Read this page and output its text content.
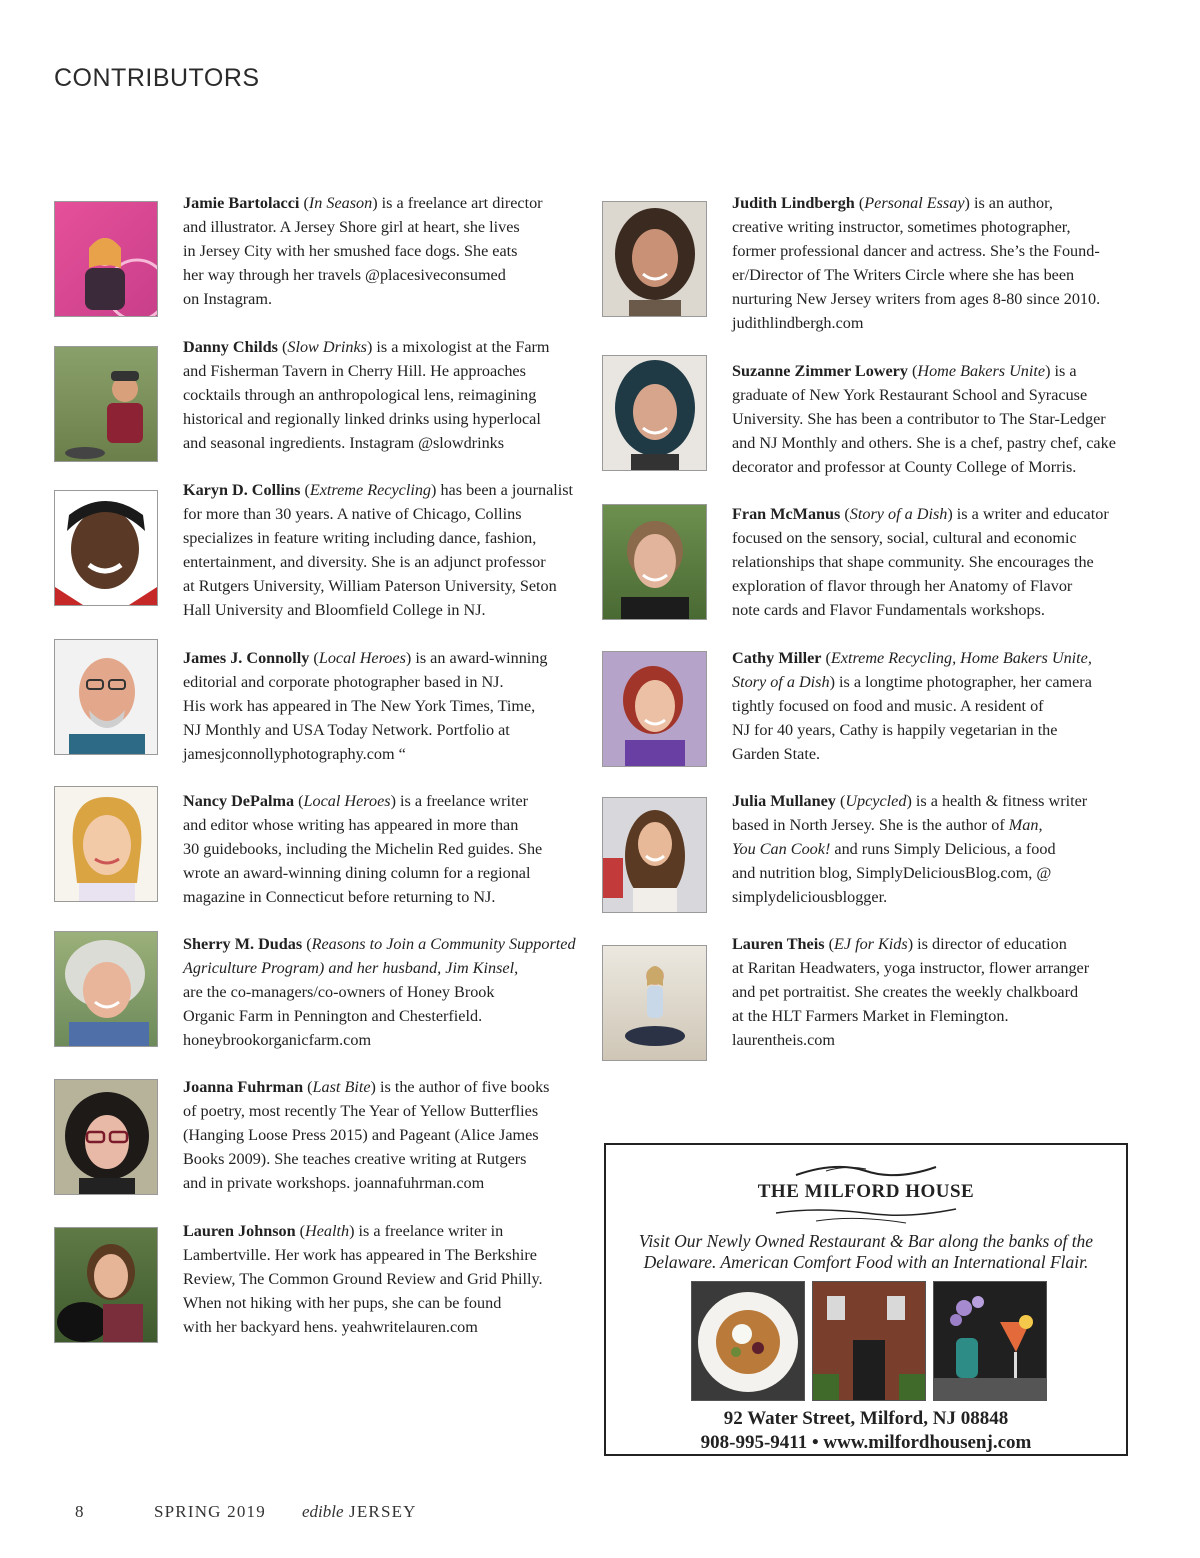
CONTRIBUTORS
Jamie Bartolacci (In Season) is a freelance art director
and illustrator. A Jersey Shore girl at heart, she lives
in Jersey City with her smushed face dogs. She eats
her way through her travels @placesiveconsumed
on Instagram.
Danny Childs (Slow Drinks) is a mixologist at the Farm
and Fisherman Tavern in Cherry Hill. He approaches
cocktails through an anthropological lens, reimagining
historical and regionally linked drinks using hyperlocal
and seasonal ingredients. Instagram @slowdrinks
Karyn D. Collins (Extreme Recycling) has been a journalist
for more than 30 years. A native of Chicago, Collins
specializes in feature writing including dance, fashion,
entertainment, and diversity. She is an adjunct professor
at Rutgers University, William Paterson University, Seton
Hall University and Bloomfield College in NJ.
James J. Connolly (Local Heroes) is an award-winning
editorial and corporate photographer based in NJ.
His work has appeared in The New York Times, Time,
NJ Monthly and USA Today Network. Portfolio at
jamesjconnollyphotography.com “
Nancy DePalma (Local Heroes) is a freelance writer
and editor whose writing has appeared in more than
30 guidebooks, including the Michelin Red guides. She
wrote an award-winning dining column for a regional
magazine in Connecticut before returning to NJ.
Sherry M. Dudas (Reasons to Join a Community Supported
Agriculture Program) and her husband, Jim Kinsel,
are the co-managers/co-owners of Honey Brook
Organic Farm in Pennington and Chesterfield.
honeybrookorganicfarm.com
Joanna Fuhrman (Last Bite) is the author of five books
of poetry, most recently The Year of Yellow Butterflies
(Hanging Loose Press 2015) and Pageant (Alice James
Books 2009). She teaches creative writing at Rutgers
and in private workshops. joannafuhrman.com
Lauren Johnson (Health) is a freelance writer in
Lambertville. Her work has appeared in The Berkshire
Review, The Common Ground Review and Grid Philly.
When not hiking with her pups, she can be found
with her backyard hens. yeahwritelauren.com
Judith Lindbergh (Personal Essay) is an author,
creative writing instructor, sometimes photographer,
former professional dancer and actress. She’s the Found-
er/Director of The Writers Circle where she has been
nurturing New Jersey writers from ages 8-80 since 2010.
judithlindbergh.com
Suzanne Zimmer Lowery (Home Bakers Unite) is a
graduate of New York Restaurant School and Syracuse
University. She has been a contributor to The Star-Ledger
and NJ Monthly and others. She is a chef, pastry chef, cake
decorator and professor at County College of Morris.
Fran McManus (Story of a Dish) is a writer and educator
focused on the sensory, social, cultural and economic
relationships that shape community. She encourages the
exploration of flavor through her Anatomy of Flavor
note cards and Flavor Fundamentals workshops.
Cathy Miller (Extreme Recycling, Home Bakers Unite,
Story of a Dish) is a longtime photographer, her camera
tightly focused on food and music. A resident of
NJ for 40 years, Cathy is happily vegetarian in the
Garden State.
Julia Mullaney (Upcycled) is a health & fitness writer
based in North Jersey. She is the author of Man,
You Can Cook! and runs Simply Delicious, a food
and nutrition blog, SimplyDeliciousBlog.com, @
simplydeliciousblogger.
Lauren Theis (EJ for Kids) is director of education
at Raritan Headwaters, yoga instructor, flower arranger
and pet portraitist. She creates the weekly chalkboard
at the HLT Farmers Market in Flemington.
laurentheis.com
THE MILFORD HOUSE
Visit Our Newly Owned Restaurant & Bar along the banks of the
Delaware. American Comfort Food with an International Flair.
92 Water Street, Milford, NJ 08848
908-995-9411 • www.milfordhousenj.com
8	SPRING 2019 edible JERSEY
